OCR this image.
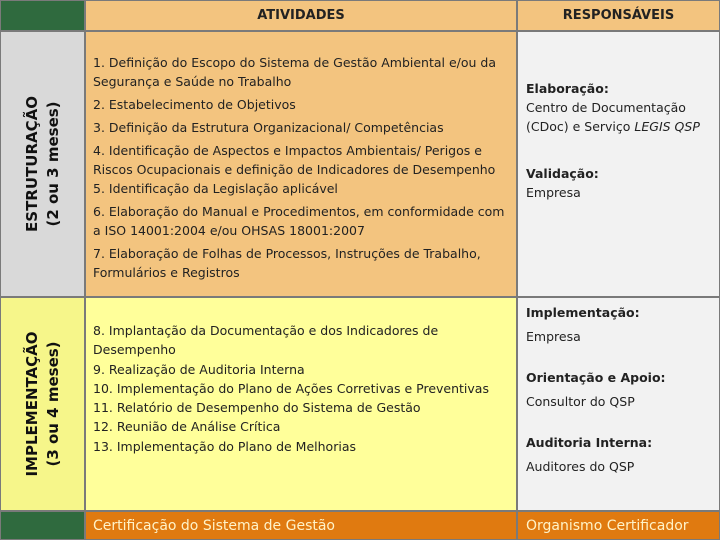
ATIVIDADES	RESPONSÁVEIS
ESTRUTURAÇÃO (2 ou 3 meses)
1. Definição do Escopo do Sistema de Gestão Ambiental e/ou da Segurança e Saúde no Trabalho
2. Estabelecimento de Objetivos
3. Definição da Estrutura Organizacional/ Competências
4. Identificação de Aspectos e Impactos Ambientais/ Perigos e Riscos Ocupacionais e definição de Indicadores de Desempenho
5. Identificação da Legislação aplicável
6. Elaboração do Manual e Procedimentos, em conformidade com a ISO 14001:2004 e/ou OHSAS 18001:2007
7. Elaboração de Folhas de Processos, Instruções de Trabalho, Formulários e Registros
Elaboração:
Centro de Documentação (CDoc) e Serviço LEGIS QSP
Validação:
Empresa
IMPLEMENTAÇÃO (3 ou 4 meses)
8. Implantação da Documentação e dos Indicadores de Desempenho
9. Realização de Auditoria Interna
10. Implementação do Plano de Ações Corretivas e Preventivas
11. Relatório de Desempenho do Sistema de Gestão
12. Reunião de Análise Crítica
13. Implementação do Plano de Melhorias
Implementação:
Empresa
Orientação e Apoio:
Consultor do QSP
Auditoria Interna:
Auditores do QSP
Certificação do Sistema de Gestão	Organismo Certificador
